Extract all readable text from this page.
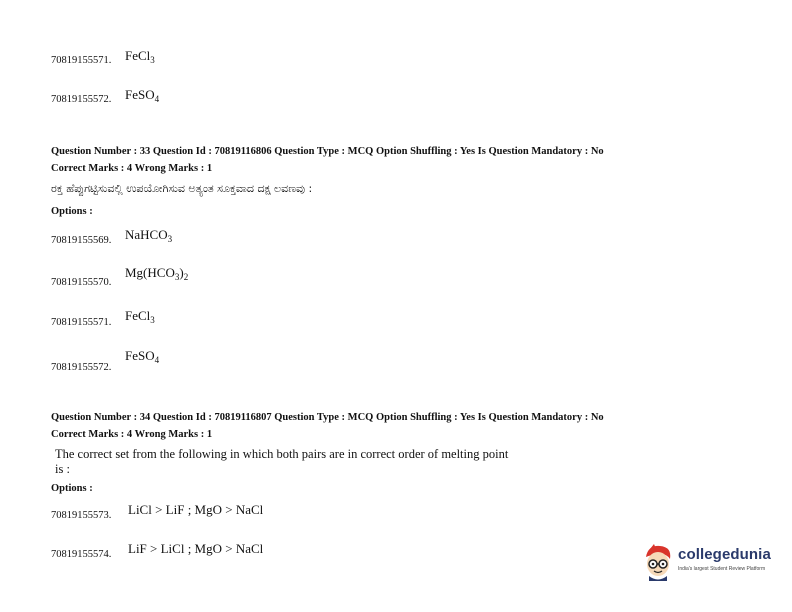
70819155571. FeCl$_3$
70819155572. FeSO$_4$
Question Number : 33 Question Id : 70819116806 Question Type : MCQ Option Shuffling : Yes Is Question Mandatory : No
Correct Marks : 4 Wrong Marks : 1
ರಕ್ತ ಹೆಪ್ಪುಗಟ್ಟಿಸುವಲ್ಲಿ ಉಪಯೋಗಿಸುವ ಅತ್ಯಂತ ಸೂಕ್ತವಾದ ದಕ್ಷ ಲವಣವು :
Options :
70819155569. NaHCO$_3$
70819155570.
$Mg(HCO_3)_2$
70819155571. FeCl$_3$
70819155572.
FeSO$_4$
Question Number : 34 Question Id : 70819116807 Question Type : MCQ Option Shuffling : Yes Is Question Mandatory : No
Correct Marks : 4 Wrong Marks : 1
The correct set from the following in which both pairs are in correct order of melting point
is :
Options :
70819155573. LiCl > LiF ; MgO > NaCl
70819155574. LiF > LiCl ; MgO > NaCl	collegedunia
India's largest Student Review Platform
